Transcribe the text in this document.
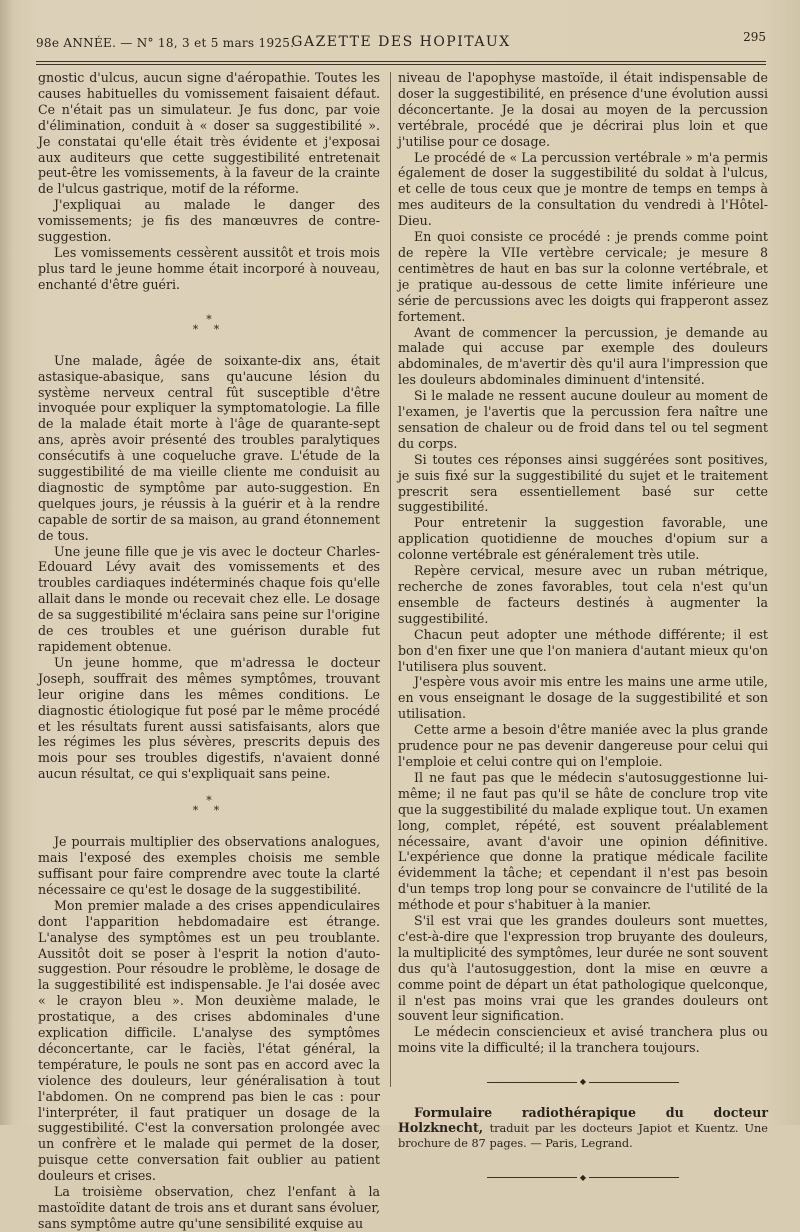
98e ANNÉE. — N° 18, 3 et 5 mars 1925.
GAZETTE DES HOPITAUX	295

gnostic d'ulcus, aucun signe d'aéropathie. Toutes les causes habituelles du vomissement faisaient défaut. Ce n'était pas un simulateur. Je fus donc, par voie d'élimination, conduit à « doser sa suggestibilité ». Je constatai qu'elle était très évidente et j'exposai aux auditeurs que cette suggestibilité entretenait peut-être les vomissements, à la faveur de la crainte de l'ulcus gastrique, motif de la réforme.

J'expliquai au malade le danger des vomissements; je fis des manœuvres de contre-suggestion.

Les vomissements cessèrent aussitôt et trois mois plus tard le jeune homme était incorporé à nouveau, enchanté d'être guéri.

*
* *

Une malade, âgée de soixante-dix ans, était astasique-abasique, sans qu'aucune lésion du système nerveux central fût susceptible d'être invoquée pour expliquer la symptomatologie. La fille de la malade était morte à l'âge de quarante-sept ans, après avoir présenté des troubles paralytiques consécutifs à une coqueluche grave. L'étude de la suggestibilité de ma vieille cliente me conduisit au diagnostic de symptôme par auto-suggestion. En quelques jours, je réussis à la guérir et à la rendre capable de sortir de sa maison, au grand étonnement de tous.

Une jeune fille que je vis avec le docteur Charles-Edouard Lévy avait des vomissements et des troubles cardiaques indéterminés chaque fois qu'elle allait dans le monde ou recevait chez elle. Le dosage de sa suggestibilité m'éclaira sans peine sur l'origine de ces troubles et une guérison durable fut rapidement obtenue.

Un jeune homme, que m'adressa le docteur Joseph, souffrait des mêmes symptômes, trouvant leur origine dans les mêmes conditions. Le diagnostic étiologique fut posé par le même procédé et les résultats furent aussi satisfaisants, alors que les régimes les plus sévères, prescrits depuis des mois pour ses troubles digestifs, n'avaient donné aucun résultat, ce qui s'expliquait sans peine.

*
* *

Je pourrais multiplier des observations analogues, mais l'exposé des exemples choisis me semble suffisant pour faire comprendre avec toute la clarté nécessaire ce qu'est le dosage de la suggestibilité.

Mon premier malade a des crises appendiculaires dont l'apparition hebdomadaire est étrange. L'analyse des symptômes est un peu troublante. Aussitôt doit se poser à l'esprit la notion d'auto-suggestion. Pour résoudre le problème, le dosage de la suggestibilité est indispensable. Je l'ai dosée avec « le crayon bleu ». Mon deuxième malade, le prostatique, a des crises abdominales d'une explication difficile. L'analyse des symptômes déconcertante, car le faciès, l'état général, la température, le pouls ne sont pas en accord avec la violence des douleurs, leur généralisation à tout l'abdomen. On ne comprend pas bien le cas : pour l'interpréter, il faut pratiquer un dosage de la suggestibilité. C'est la conversation prolongée avec un confrère et le malade qui permet de la doser, puisque cette conversation fait oublier au patient douleurs et crises.

La troisième observation, chez l'enfant à la mastoïdite datant de trois ans et durant sans évoluer, sans symptôme autre qu'une sensibilité exquise au

niveau de l'apophyse mastoïde, il était indispensable de doser la suggestibilité, en présence d'une évolution aussi déconcertante. Je la dosai au moyen de la percussion vertébrale, procédé que je décrirai plus loin et que j'utilise pour ce dosage.

Le procédé de « La percussion vertébrale » m'a permis également de doser la suggestibilité du soldat à l'ulcus, et celle de tous ceux que je montre de temps en temps à mes auditeurs de la consultation du vendredi à l'Hôtel-Dieu.

En quoi consiste ce procédé : je prends comme point de repère la VIIe vertèbre cervicale; je mesure 8 centimètres de haut en bas sur la colonne vertébrale, et je pratique au-dessous de cette limite inférieure une série de percussions avec les doigts qui frapperont assez fortement.

Avant de commencer la percussion, je demande au malade qui accuse par exemple des douleurs abdominales, de m'avertir dès qu'il aura l'impression que les douleurs abdominales diminuent d'intensité.

Si le malade ne ressent aucune douleur au moment de l'examen, je l'avertis que la percussion fera naître une sensation de chaleur ou de froid dans tel ou tel segment du corps.

Si toutes ces réponses ainsi suggérées sont positives, je suis fixé sur la suggestibilité du sujet et le traitement prescrit sera essentiellement basé sur cette suggestibilité.

Pour entretenir la suggestion favorable, une application quotidienne de mouches d'opium sur a colonne vertébrale est généralement très utile.

Repère cervical, mesure avec un ruban métrique, recherche de zones favorables, tout cela n'est qu'un ensemble de facteurs destinés à augmenter la suggestibilité.

Chacun peut adopter une méthode différente; il est bon d'en fixer une que l'on maniera d'autant mieux qu'on l'utilisera plus souvent.

J'espère vous avoir mis entre les mains une arme utile, en vous enseignant le dosage de la suggestibilité et son utilisation.

Cette arme a besoin d'être maniée avec la plus grande prudence pour ne pas devenir dangereuse pour celui qui l'emploie et celui contre qui on l'emploie.

Il ne faut pas que le médecin s'autosuggestionne lui-même; il ne faut pas qu'il se hâte de conclure trop vite que la suggestibilité du malade explique tout. Un examen long, complet, répété, est souvent préalablement nécessaire, avant d'avoir une opinion définitive. L'expérience que donne la pratique médicale facilite évidemment la tâche; et cependant il n'est pas besoin d'un temps trop long pour se convaincre de l'utilité de la méthode et pour s'habituer à la manier.

S'il est vrai que les grandes douleurs sont muettes, c'est-à-dire que l'expression trop bruyante des douleurs, la multiplicité des symptômes, leur durée ne sont souvent dus qu'à l'autosuggestion, dont la mise en œuvre a comme point de départ un état pathologique quelconque, il n'est pas moins vrai que les grandes douleurs ont souvent leur signification.

Le médecin consciencieux et avisé tranchera plus ou moins vite la difficulté; il la tranchera toujours.

◆

Formulaire radiothérapique du docteur Holzknecht, traduit par les docteurs Japiot et Kuentz. Une brochure de 87 pages. — Paris, Legrand.

◆
